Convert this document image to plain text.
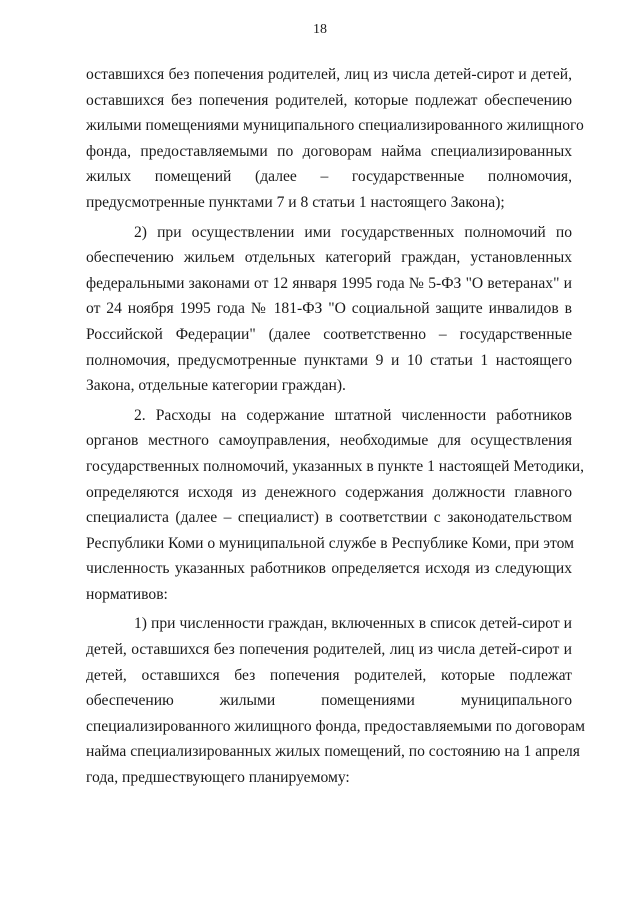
18
оставшихся без попечения родителей, лиц из числа детей-сирот и детей,
оставшихся без попечения родителей, которые подлежат обеспечению
жилыми помещениями муниципального специализированного жилищного
фонда, предоставляемыми по договорам найма специализированных
жилых помещений (далее – государственные полномочия,
предусмотренные пунктами 7 и 8 статьи 1 настоящего Закона);
2) при осуществлении ими государственных полномочий по
обеспечению жильем отдельных категорий граждан, установленных
федеральными законами от 12 января 1995 года № 5-ФЗ "О ветеранах" и
от 24 ноября 1995 года № 181-ФЗ "О социальной защите инвалидов в
Российской Федерации" (далее соответственно – государственные
полномочия, предусмотренные пунктами 9 и 10 статьи 1 настоящего
Закона, отдельные категории граждан).
2. Расходы на содержание штатной численности работников
органов местного самоуправления, необходимые для осуществления
государственных полномочий, указанных в пункте 1 настоящей Методики,
определяются исходя из денежного содержания должности главного
специалиста (далее – специалист) в соответствии с законодательством
Республики Коми о муниципальной службе в Республике Коми, при этом
численность указанных работников определяется исходя из следующих
нормативов:
1) при численности граждан, включенных в список детей-сирот и
детей, оставшихся без попечения родителей, лиц из числа детей-сирот и
детей, оставшихся без попечения родителей, которые подлежат
обеспечению жилыми помещениями муниципального
специализированного жилищного фонда, предоставляемыми по договорам
найма специализированных жилых помещений, по состоянию на 1 апреля
года, предшествующего планируемому:
